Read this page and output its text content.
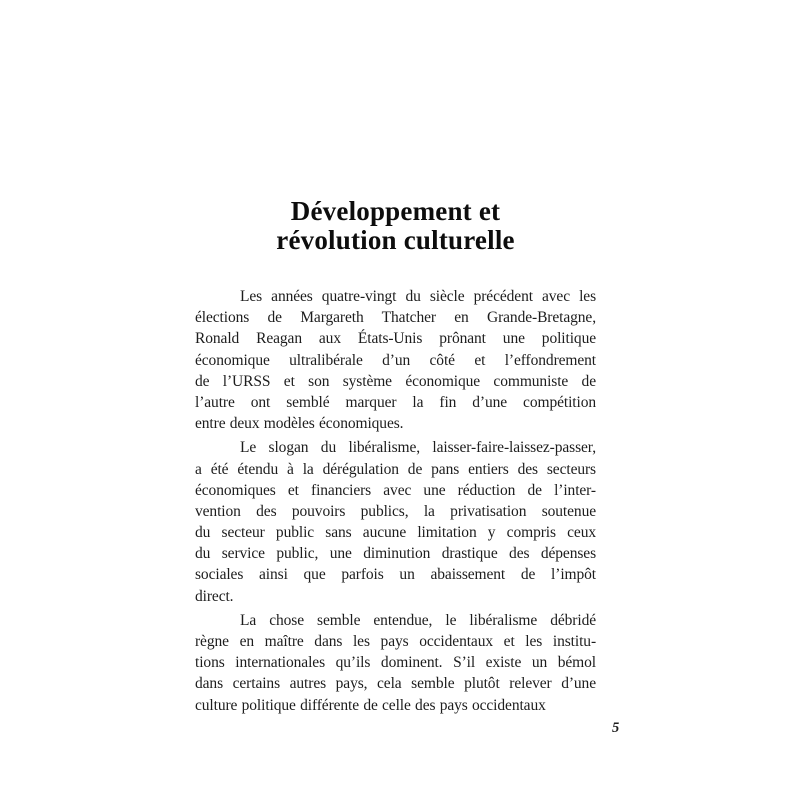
Développement et
révolution culturelle
Les années quatre-vingt du siècle précédent avec les
élections de Margareth Thatcher en Grande-Bretagne,
Ronald Reagan aux États-Unis prônant une politique
économique ultralibérale d’un côté et l’effondrement
de l’URSS et son système économique communiste de
l’autre ont semblé marquer la fin d’une compétition
entre deux modèles économiques.
Le slogan du libéralisme, laisser-faire-laissez-passer,
a été étendu à la dérégulation de pans entiers des secteurs
économiques et financiers avec une réduction de l’inter-
vention des pouvoirs publics, la privatisation soutenue
du secteur public sans aucune limitation y compris ceux
du service public, une diminution drastique des dépenses
sociales ainsi que parfois un abaissement de l’impôt
direct.
La chose semble entendue, le libéralisme débridé
règne en maître dans les pays occidentaux et les institu-
tions internationales qu’ils dominent. S’il existe un bémol
dans certains autres pays, cela semble plutôt relever d’une
culture politique différente de celle des pays occidentaux
5
